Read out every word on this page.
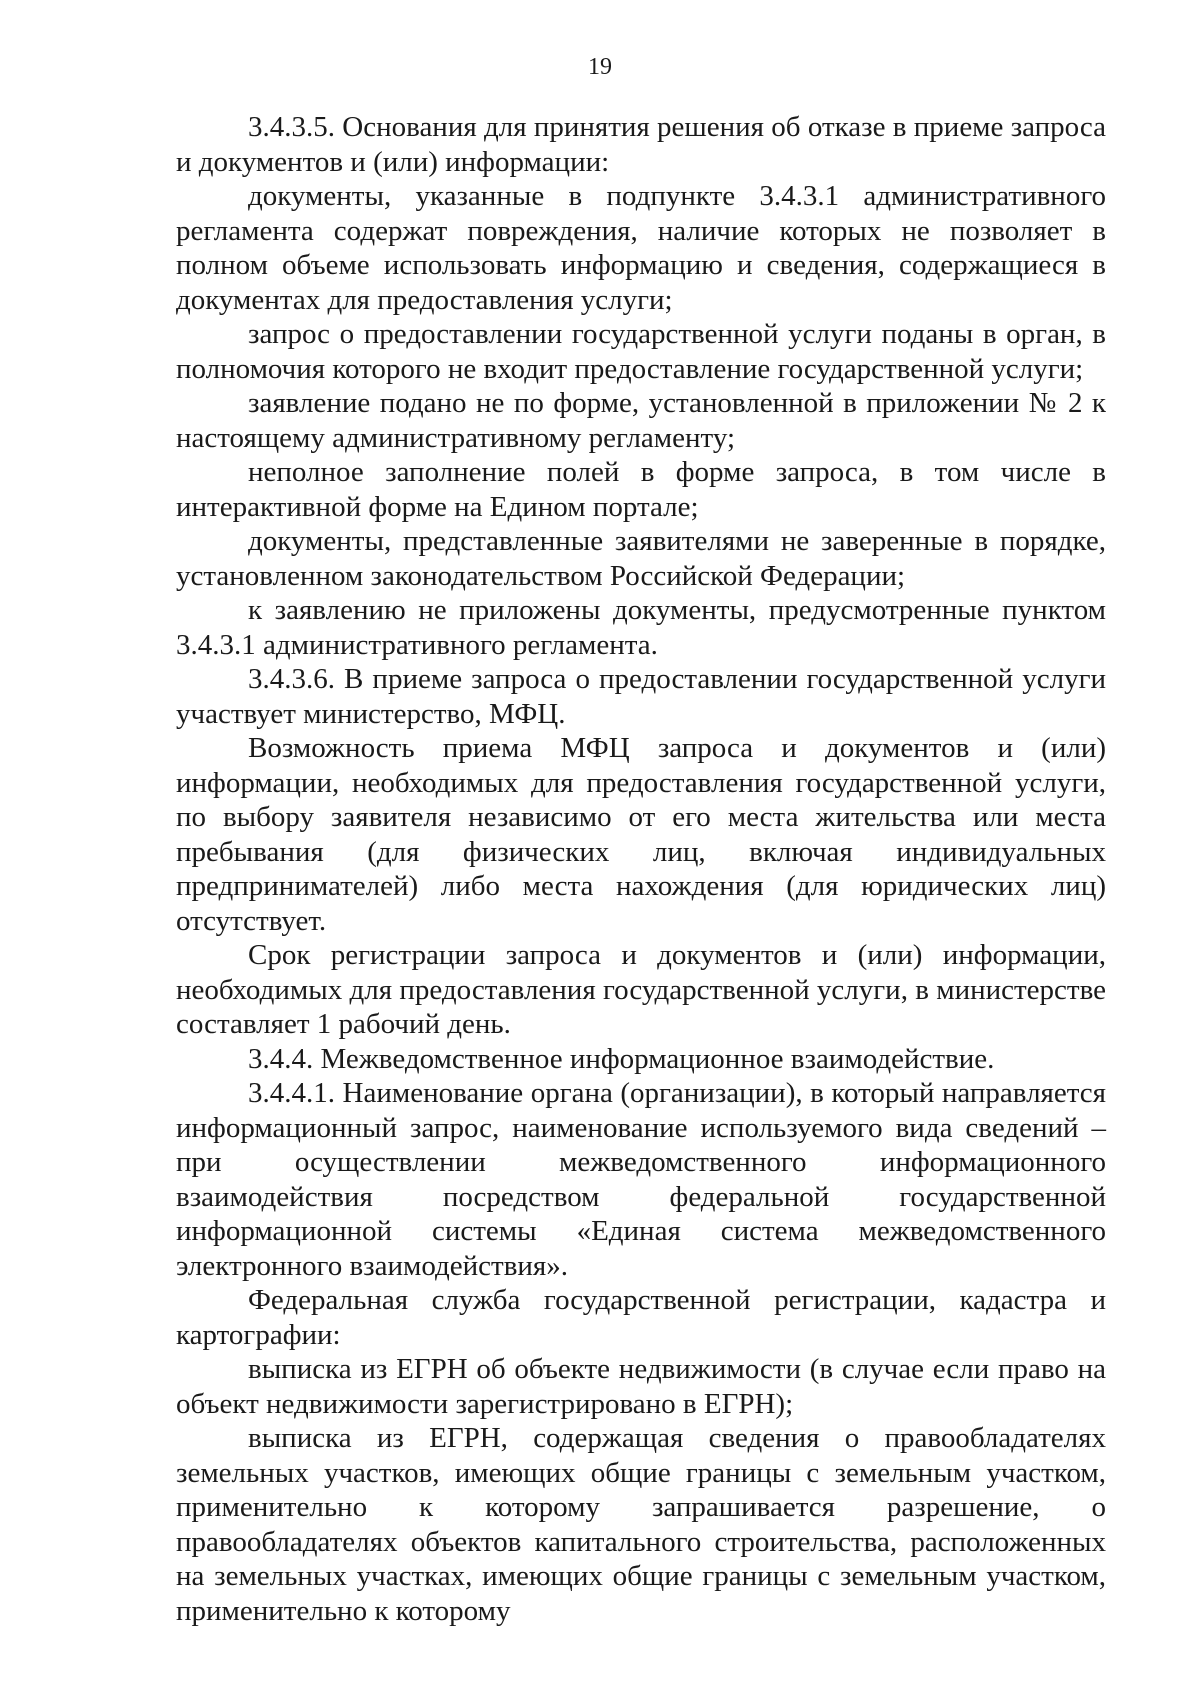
19

3.4.3.5. Основания для принятия решения об отказе в приеме запроса и документов и (или) информации:

документы, указанные в подпункте 3.4.3.1 административного регламента содержат повреждения, наличие которых не позволяет в полном объеме использовать информацию и сведения, содержащиеся в документах для предоставления услуги;

запрос о предоставлении государственной услуги поданы в орган, в полномочия которого не входит предоставление государственной услуги;

заявление подано не по форме, установленной в приложении № 2 к настоящему административному регламенту;

неполное заполнение полей в форме запроса, в том числе в интерактивной форме на Едином портале;

документы, представленные заявителями не заверенные в порядке, установленном законодательством Российской Федерации;

к заявлению не приложены документы, предусмотренные пунктом 3.4.3.1 административного регламента.

3.4.3.6. В приеме запроса о предоставлении государственной услуги участвует министерство, МФЦ.

Возможность приема МФЦ запроса и документов и (или) информации, необходимых для предоставления государственной услуги, по выбору заявителя независимо от его места жительства или места пребывания (для физических лиц, включая индивидуальных предпринимателей) либо места нахождения (для юридических лиц) отсутствует.

Срок регистрации запроса и документов и (или) информации, необходимых для предоставления государственной услуги, в министерстве составляет 1 рабочий день.

3.4.4. Межведомственное информационное взаимодействие.

3.4.4.1. Наименование органа (организации), в который направляется информационный запрос, наименование используемого вида сведений – при осуществлении межведомственного информационного взаимодействия посредством федеральной государственной информационной системы «Единая система межведомственного электронного взаимодействия».

Федеральная служба государственной регистрации, кадастра и картографии:

выписка из ЕГРН об объекте недвижимости (в случае если право на объект недвижимости зарегистрировано в ЕГРН);

выписка из ЕГРН, содержащая сведения о правообладателях земельных участков, имеющих общие границы с земельным участком, применительно к которому запрашивается разрешение, о правообладателях объектов капитального строительства, расположенных на земельных участках, имеющих общие границы с земельным участком, применительно к которому
